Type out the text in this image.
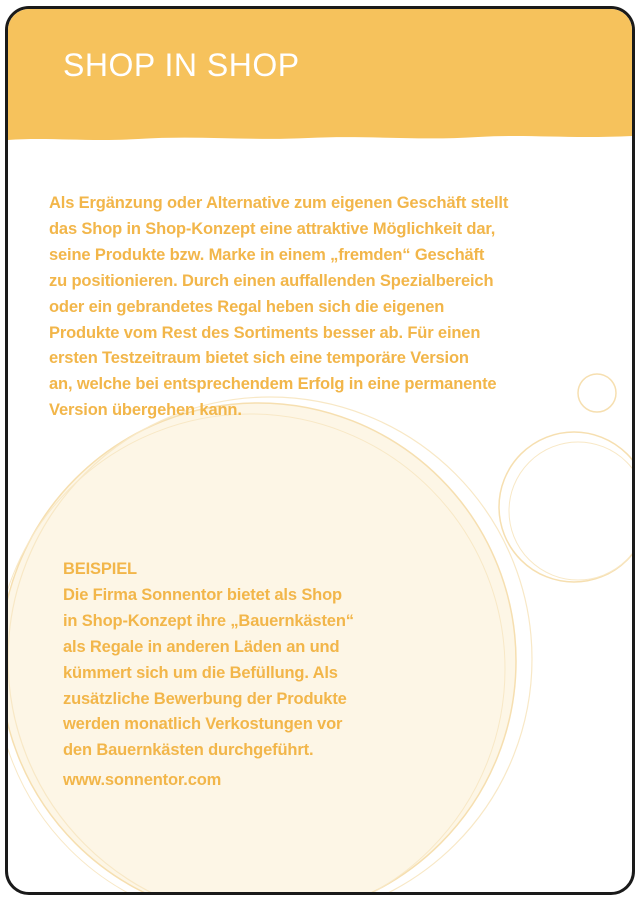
SHOP IN SHOP

Als Ergänzung oder Alternative zum eigenen Geschäft stellt
das Shop in Shop-Konzept eine attraktive Möglichkeit dar,
seine Produkte bzw. Marke in einem „fremden“ Geschäft
zu positionieren. Durch einen auffallenden Spezialbereich
oder ein gebrandetes Regal heben sich die eigenen
Produkte vom Rest des Sortiments besser ab. Für einen
ersten Testzeitraum bietet sich eine temporäre Version
an, welche bei entsprechendem Erfolg in eine permanente
Version übergehen kann.

BEISPIEL
Die Firma Sonnentor bietet als Shop
in Shop-Konzept ihre „Bauernkästen“
als Regale in anderen Läden an und
kümmert sich um die Befüllung. Als
zusätzliche Bewerbung der Produkte
werden monatlich Verkostungen vor
den Bauernkästen durchgeführt.
www.sonnentor.com
